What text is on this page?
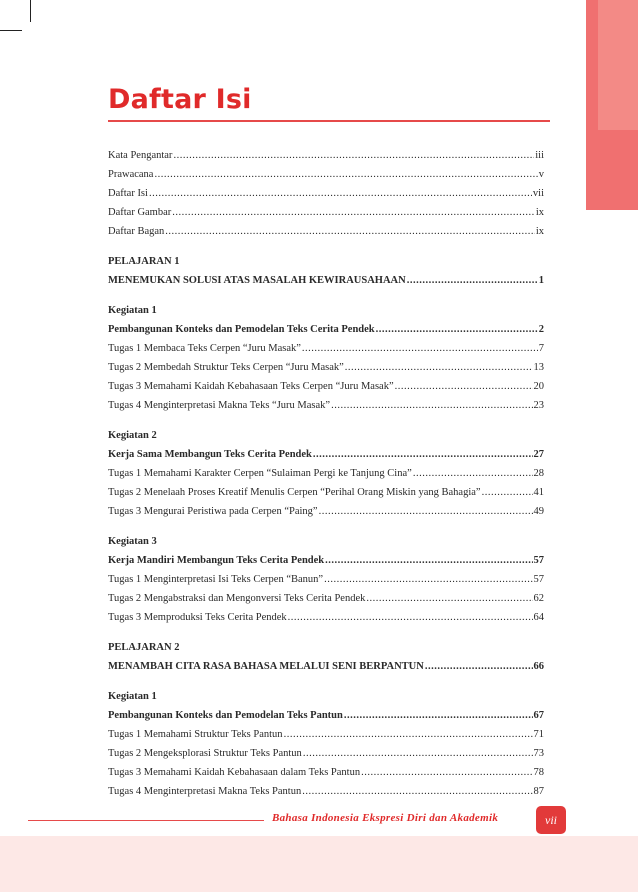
Daftar Isi
Kata Pengantar .....	iii
Prawacana .....	v
Daftar Isi .....	vii
Daftar Gambar .....	ix
Daftar Bagan .....	ix
PELAJARAN 1
MENEMUKAN SOLUSI ATAS MASALAH KEWIRAUSAHAAN .....	1
Kegiatan 1
Pembangunan Konteks dan Pemodelan Teks Cerita Pendek .....	2
Tugas 1 Membaca Teks Cerpen “Juru Masak” .....	7
Tugas 2 Membedah Struktur Teks Cerpen “Juru Masak” .....	13
Tugas 3 Memahami Kaidah Kebahasaan Teks Cerpen “Juru Masak” .....	20
Tugas 4 Menginterpretasi Makna Teks “Juru Masak” .....	23
Kegiatan 2
Kerja Sama Membangun Teks Cerita Pendek .....	27
Tugas 1 Memahami Karakter Cerpen “Sulaiman Pergi ke Tanjung Cina” .....	28
Tugas 2 Menelaah Proses Kreatif Menulis Cerpen “Perihal Orang Miskin yang Bahagia” .....	41
Tugas 3 Mengurai Peristiwa pada Cerpen “Paing” .....	49
Kegiatan 3
Kerja Mandiri Membangun Teks Cerita Pendek .....	57
Tugas 1 Menginterpretasi Isi Teks Cerpen “Banun” .....	57
Tugas 2 Mengabstraksi dan Mengonversi Teks Cerita Pendek .....	62
Tugas 3 Memproduksi Teks Cerita Pendek .....	64
PELAJARAN 2
MENAMBAH CITA RASA BAHASA MELALUI SENI BERPANTUN .....	66
Kegiatan 1
Pembangunan Konteks dan Pemodelan Teks Pantun .....	67
Tugas 1 Memahami Struktur Teks Pantun .....	71
Tugas 2 Mengeksplorasi Struktur Teks Pantun .....	73
Tugas 3 Memahami Kaidah Kebahasaan dalam Teks Pantun .....	78
Tugas 4 Menginterpretasi Makna Teks Pantun .....	87
Bahasa Indonesia Ekspresi Diri dan Akademik	vii
